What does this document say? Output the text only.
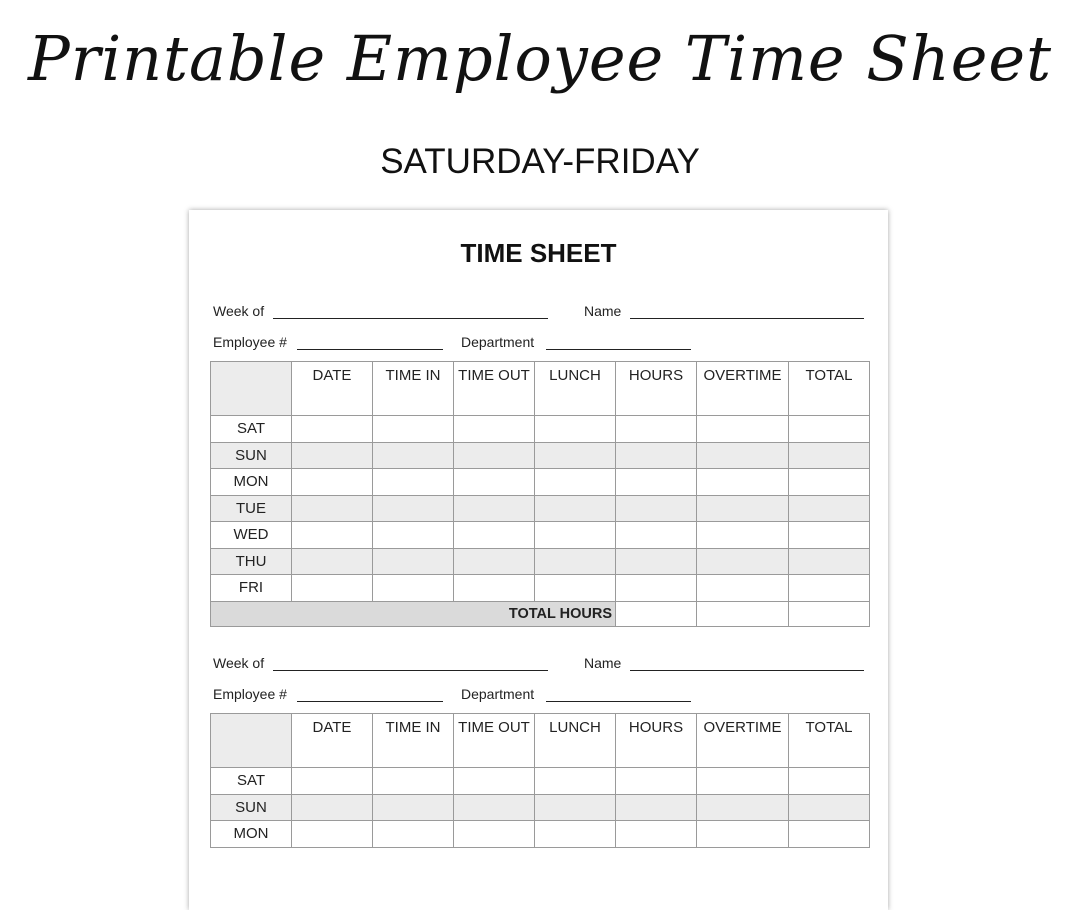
Printable Employee Time Sheet
SATURDAY-FRIDAY
TIME SHEET
Week of	Name
Employee #	Department
	DATE	TIME IN	TIME OUT	LUNCH	HOURS	OVERTIME	TOTAL
SAT							
SUN							
MON							
TUE							
WED							
THU							
FRI							
TOTAL HOURS							
Week of	Name
Employee #	Department
	DATE	TIME IN	TIME OUT	LUNCH	HOURS	OVERTIME	TOTAL
SAT							
SUN							
MON							
